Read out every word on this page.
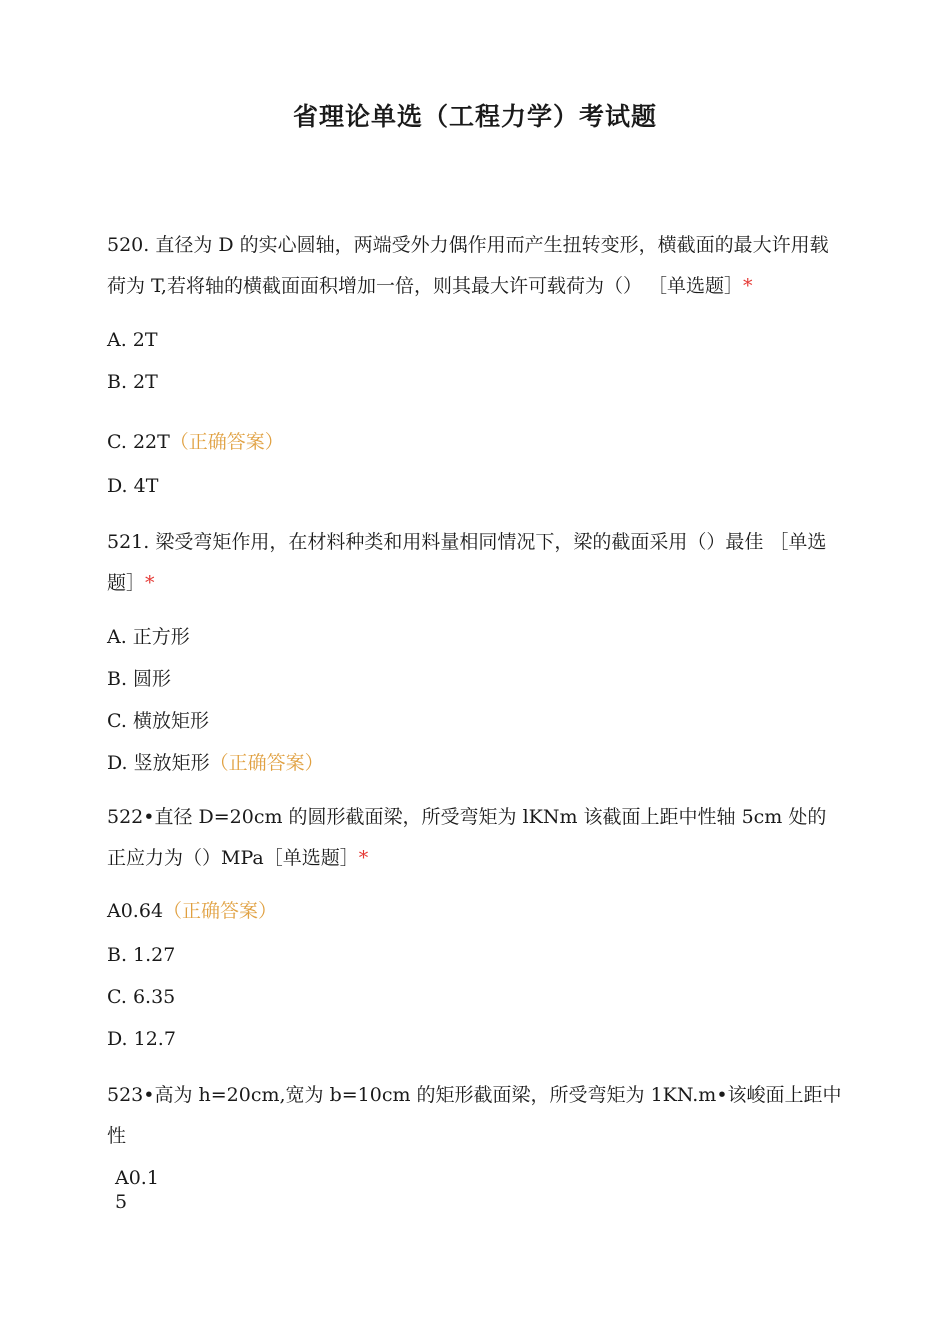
省理论单选（工程力学）考试题
520. 直径为 D 的实心圆轴，两端受外力偶作用而产生扭转变形，横截面的最大许用载荷为 T,若将轴的横截面面积增加一倍，则其最大许可载荷为（） ［单选题］*
A. 2T
B. 2T
C. 22T（正确答案）
D. 4T
521. 梁受弯矩作用，在材料种类和用料量相同情况下，梁的截面采用（）最佳 ［单选题］*
A. 正方形
B. 圆形
C. 横放矩形
D. 竖放矩形（正确答案）
522•直径 D=20cm 的圆形截面梁，所受弯矩为 lKNm 该截面上距中性轴 5cm 处的正应力为（）MPa［单选题］*
A0.64（正确答案）
B. 1.27
C. 6.35
D. 12.7
523•高为 h=20cm,宽为 b=10cm 的矩形截面梁，所受弯矩为 1KN.m•该峻面上距中性
A0.1
5
